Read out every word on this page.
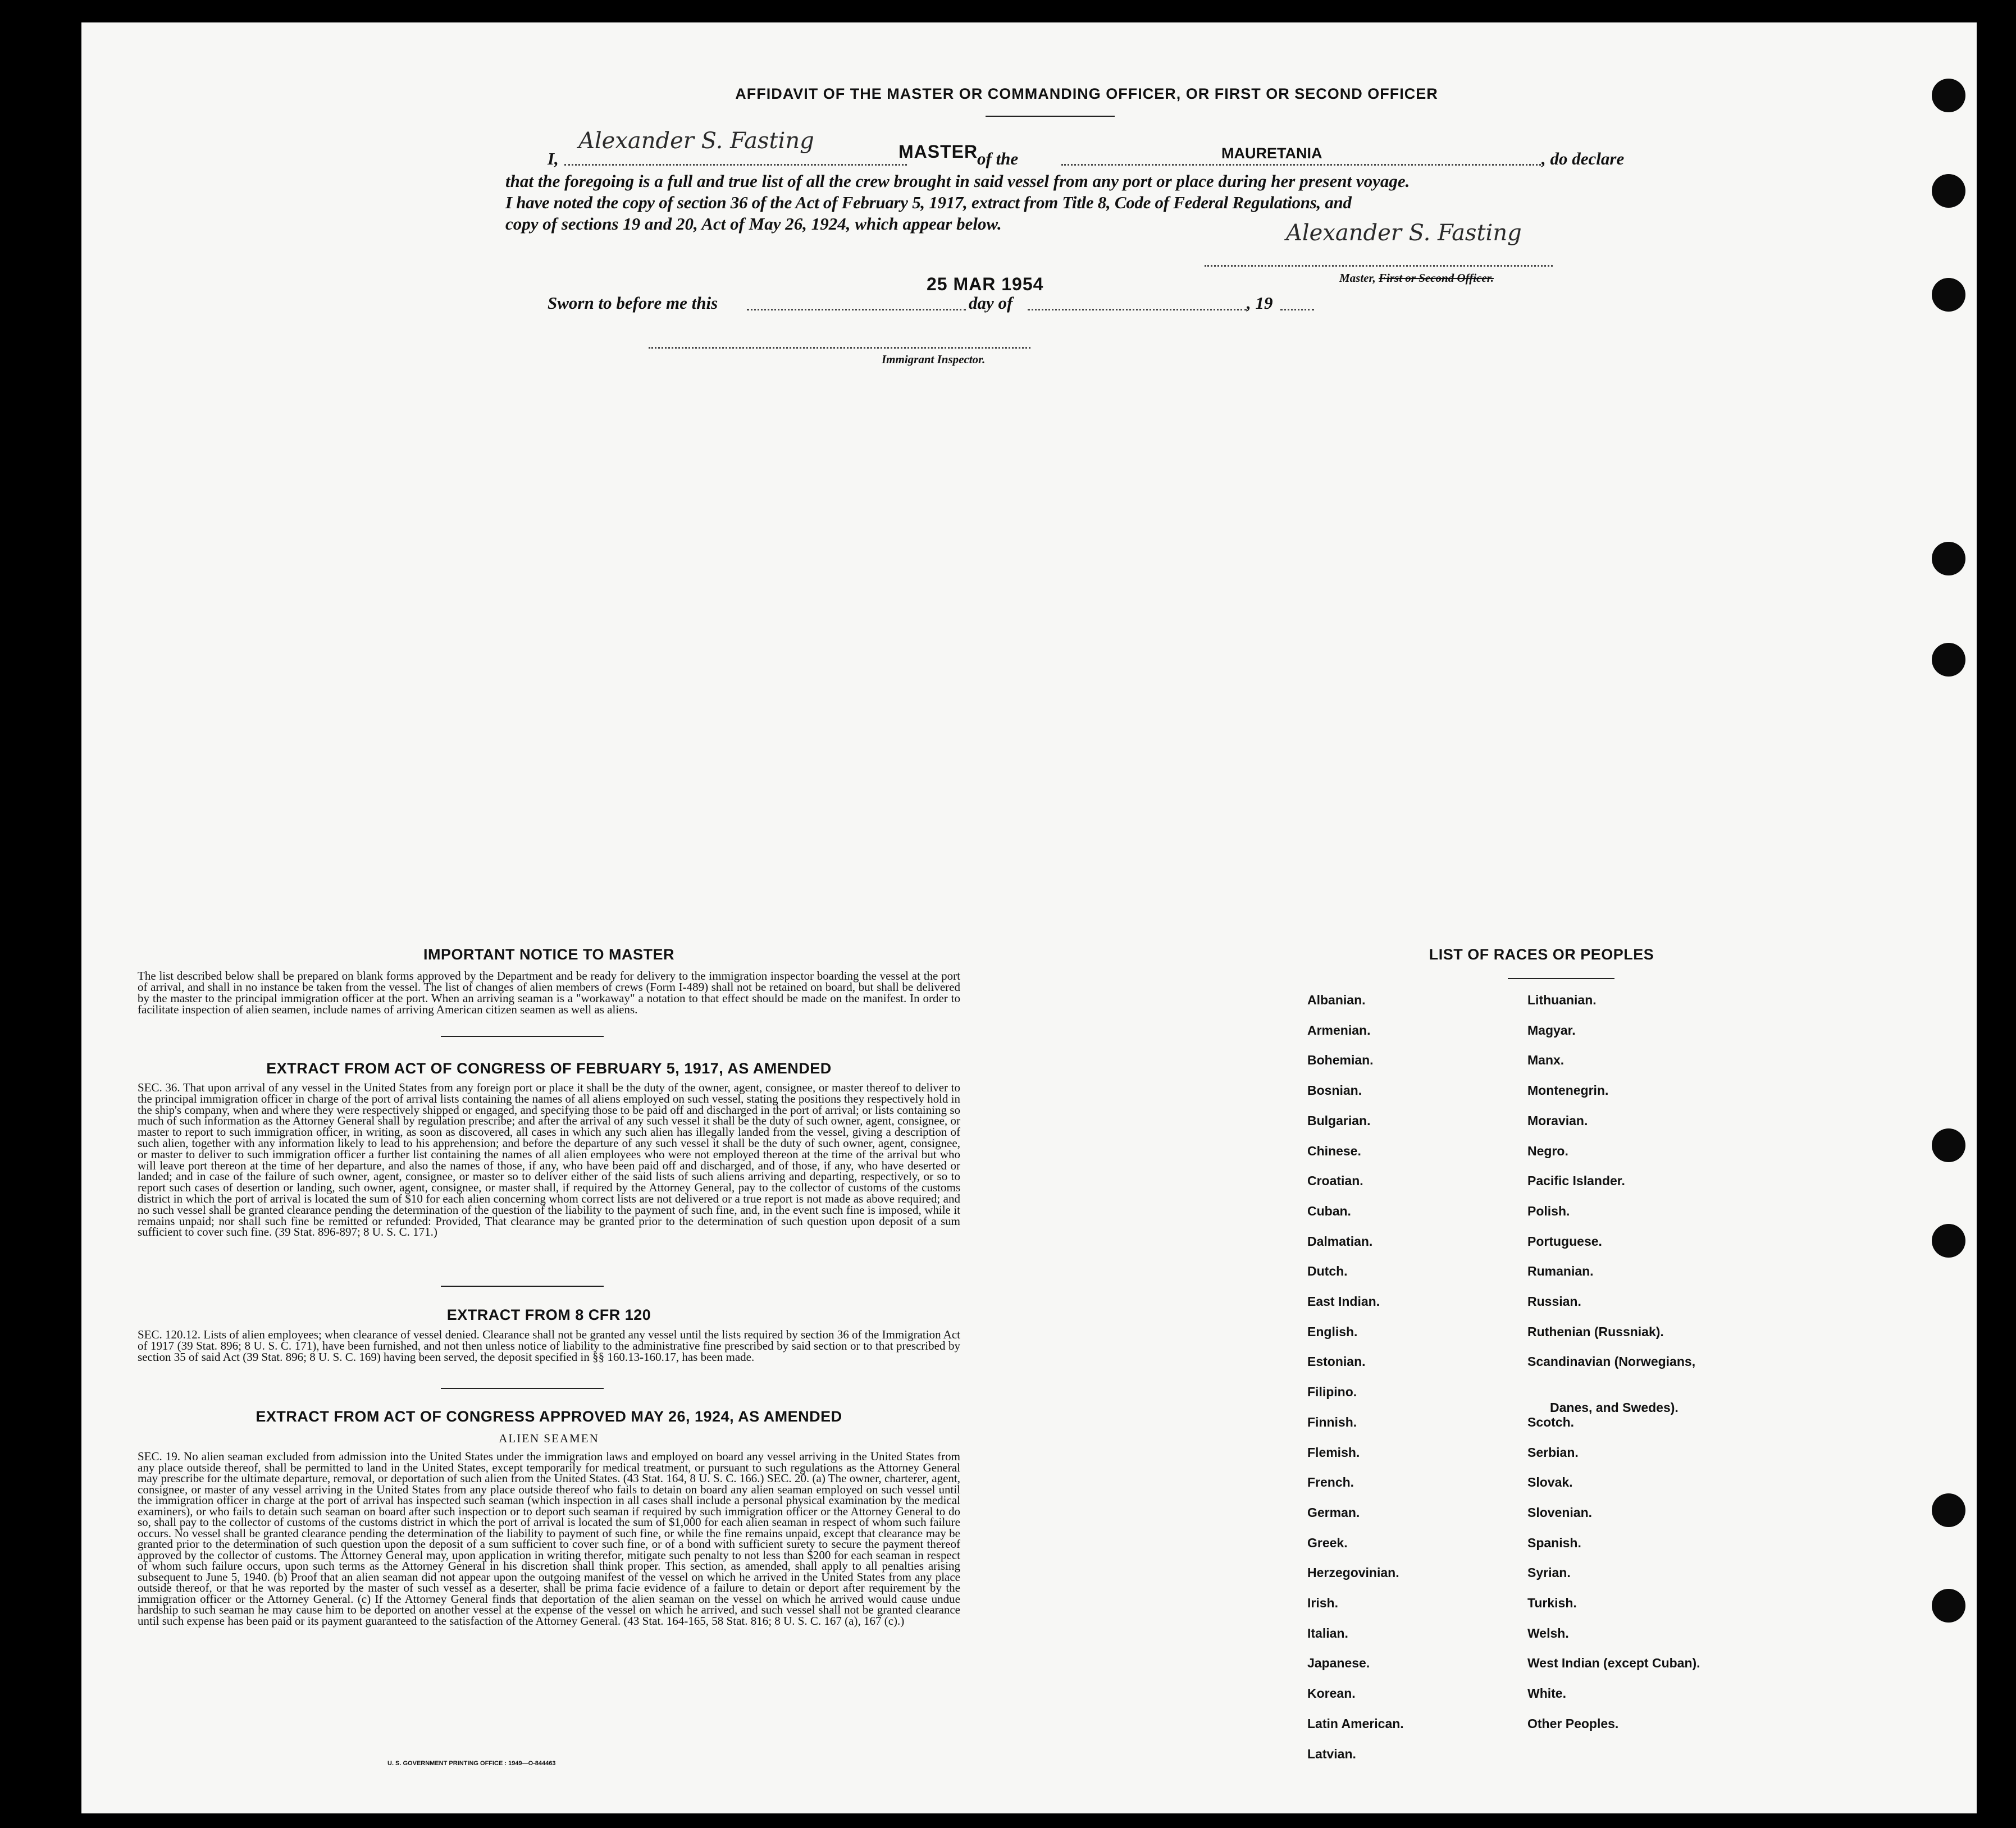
AFFIDAVIT OF THE MASTER OR COMMANDING OFFICER, OR FIRST OR SECOND OFFICER
I,
Alexander S. Fasting	MASTER
of the	MAURETANIA	, do declare
that the foregoing is a full and true list of all the crew brought in said vessel from any port or place during her present voyage.
I have noted the copy of section 36 of the Act of February 5, 1917, extract from Title 8, Code of Federal Regulations, and
copy of sections 19 and 20, Act of May 26, 1924, which appear below.	Alexander S. Fasting
Master, First or Second Officer.
Sworn to before me this
25 MAR 1954
day of	, 19
Immigrant Inspector.
IMPORTANT NOTICE TO MASTER
The list described below shall be prepared on blank forms approved by the Department and be ready for delivery to the immigration inspector boarding the vessel at the port of arrival, and shall in no instance be taken from the vessel. The list of changes of alien members of crews (Form I-489) shall not be retained on board, but shall be delivered by the master to the principal immigration officer at the port. When an arriving seaman is a "workaway" a notation to that effect should be made on the manifest. In order to facilitate inspection of alien seamen, include names of arriving American citizen seamen as well as aliens.
EXTRACT FROM ACT OF CONGRESS OF FEBRUARY 5, 1917, AS AMENDED
SEC. 36. That upon arrival of any vessel in the United States from any foreign port or place it shall be the duty of the owner, agent, consignee, or master thereof to deliver to the principal immigration officer in charge of the port of arrival lists containing the names of all aliens employed on such vessel, stating the positions they respectively hold in the ship's company, when and where they were respectively shipped or engaged, and specifying those to be paid off and discharged in the port of arrival; or lists containing so much of such information as the Attorney General shall by regulation prescribe; and after the arrival of any such vessel it shall be the duty of such owner, agent, consignee, or master to report to such immigration officer, in writing, as soon as discovered, all cases in which any such alien has illegally landed from the vessel, giving a description of such alien, together with any information likely to lead to his apprehension; and before the departure of any such vessel it shall be the duty of such owner, agent, consignee, or master to deliver to such immigration officer a further list containing the names of all alien employees who were not employed thereon at the time of the arrival but who will leave port thereon at the time of her departure, and also the names of those, if any, who have been paid off and discharged, and of those, if any, who have deserted or landed; and in case of the failure of such owner, agent, consignee, or master so to deliver either of the said lists of such aliens arriving and departing, respectively, or so to report such cases of desertion or landing, such owner, agent, consignee, or master shall, if required by the Attorney General, pay to the collector of customs of the customs district in which the port of arrival is located the sum of $10 for each alien concerning whom correct lists are not delivered or a true report is not made as above required; and no such vessel shall be granted clearance pending the determination of the question of the liability to the payment of such fine, and, in the event such fine is imposed, while it remains unpaid; nor shall such fine be remitted or refunded: Provided, That clearance may be granted prior to the determination of such question upon deposit of a sum sufficient to cover such fine. (39 Stat. 896-897; 8 U. S. C. 171.)
EXTRACT FROM 8 CFR 120
SEC. 120.12. Lists of alien employees; when clearance of vessel denied. Clearance shall not be granted any vessel until the lists required by section 36 of the Immigration Act of 1917 (39 Stat. 896; 8 U. S. C. 171), have been furnished, and not then unless notice of liability to the administrative fine prescribed by said section or to that prescribed by section 35 of said Act (39 Stat. 896; 8 U. S. C. 169) having been served, the deposit specified in §§ 160.13-160.17, has been made.
EXTRACT FROM ACT OF CONGRESS APPROVED MAY 26, 1924, AS AMENDED
ALIEN SEAMEN
SEC. 19. No alien seaman excluded from admission into the United States under the immigration laws and employed on board any vessel arriving in the United States from any place outside thereof, shall be permitted to land in the United States, except temporarily for medical treatment, or pursuant to such regulations as the Attorney General may prescribe for the ultimate departure, removal, or deportation of such alien from the United States. (43 Stat. 164, 8 U. S. C. 166.) SEC. 20. (a) The owner, charterer, agent, consignee, or master of any vessel arriving in the United States from any place outside thereof who fails to detain on board any alien seaman employed on such vessel until the immigration officer in charge at the port of arrival has inspected such seaman (which inspection in all cases shall include a personal physical examination by the medical examiners), or who fails to detain such seaman on board after such inspection or to deport such seaman if required by such immigration officer or the Attorney General to do so, shall pay to the collector of customs of the customs district in which the port of arrival is located the sum of $1,000 for each alien seaman in respect of whom such failure occurs. No vessel shall be granted clearance pending the determination of the liability to payment of such fine, or while the fine remains unpaid, except that clearance may be granted prior to the determination of such question upon the deposit of a sum sufficient to cover such fine, or of a bond with sufficient surety to secure the payment thereof approved by the collector of customs. The Attorney General may, upon application in writing therefor, mitigate such penalty to not less than $200 for each seaman in respect of whom such failure occurs, upon such terms as the Attorney General in his discretion shall think proper. This section, as amended, shall apply to all penalties arising subsequent to June 5, 1940. (b) Proof that an alien seaman did not appear upon the outgoing manifest of the vessel on which he arrived in the United States from any place outside thereof, or that he was reported by the master of such vessel as a deserter, shall be prima facie evidence of a failure to detain or deport after requirement by the immigration officer or the Attorney General. (c) If the Attorney General finds that deportation of the alien seaman on the vessel on which he arrived would cause undue hardship to such seaman he may cause him to be deported on another vessel at the expense of the vessel on which he arrived, and such vessel shall not be granted clearance until such expense has been paid or its payment guaranteed to the satisfaction of the Attorney General. (43 Stat. 164-165, 58 Stat. 816; 8 U. S. C. 167 (a), 167 (c).)
U. S. GOVERNMENT PRINTING OFFICE : 1949—O-844463
LIST OF RACES OR PEOPLES
Albanian.
Armenian.
Bohemian.
Bosnian.
Bulgarian.
Chinese.
Croatian.
Cuban.
Dalmatian.
Dutch.
East Indian.
English.
Estonian.
Filipino.
Finnish.
Flemish.
French.
German.
Greek.
Herzegovinian.
Irish.
Italian.
Japanese.
Korean.
Latin American.
Latvian.
Lithuanian.
Magyar.
Manx.
Montenegrin.
Moravian.
Negro.
Pacific Islander.
Polish.
Portuguese.
Rumanian.
Russian.
Ruthenian (Russniak).
Scandinavian (Norwegians,
Danes, and Swedes).
Scotch.
Serbian.
Slovak.
Slovenian.
Spanish.
Syrian.
Turkish.
Welsh.
West Indian (except Cuban).
White.
Other Peoples.
